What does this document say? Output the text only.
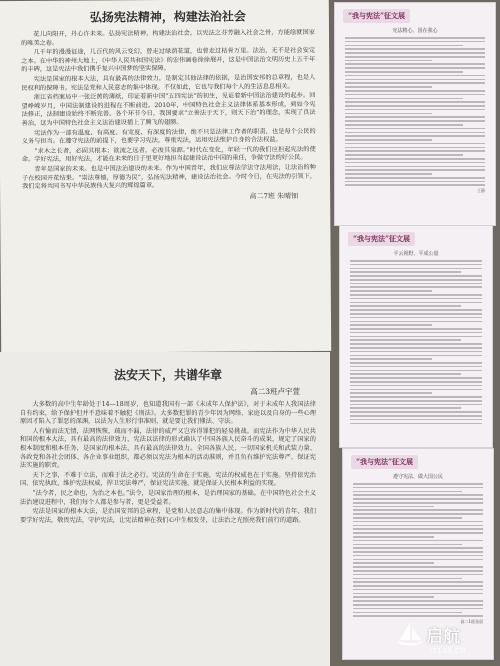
弘扬宪法精神，构建法治社会

花儿向阳开，丹心许未来。弘扬宪法精神，构建法治社会。以宪法之芬芳融入社会之骨，方能绘就国家的唯美之卷。

几千年的漫漫征途，几百代的风云变幻，曾走过绿荫花道，也曾走过枯骨万里。法治，无不是社会安定之本。在中华的神州大地上，《中华人民共和国宪法》的宏伟画卷徐徐展开，这是中国法治文明历史上五千年的丰碑，这是宪法中我们携手复兴中国梦的坚实保障。

宪法是国家的根本大法，具有最高的法律效力，是制定其他法律的依据，是治国安邦的总章程，也是人民权利的保障书。宪法是党和人民意志的集中体现。不仅如此，它也与我们每个人的生活息息相关。

浙江省档案局中一张泛黄的薄纸，印证着新中国“五四宪法”的初生，见证着新中国法治建设的起步。回望峥嵘岁月，中国法制建设的进程在不断前进。2010年，中国特色社会主义法律体系基本形成，到如今宪法修正，法制建设始终不断完善。各个环节今日，我国要求“立善法于天下，则天下治”的理念，实现了良法善治，这为中国特色社会主义法治建设插上了腾飞的翅膀。

宪法作为一部有温度、有高度、有宽度、有深度的法律，绝不只是法律工作者的职责，也是每个公民的义务与担当。在遵守宪法的前提下，也要学习宪法，尊重宪法，运用宪法维护自身的合法权益。

“求木之长者，必固其根本；欲流之远者，必浚其泉源。”时代在变化，年轻一代的我们应担起宪法的使命。学好宪法，用好宪法，才能在未来的日子里更好地担当起建设法治中国的重任，争做守法的好公民。

青年是国家的未来。也是中国法治建设的未来。作为中国青年，我们应尊法学法守法用法，让法治的种子在校园开花结果。“崇法尊德，厚德为民”，弘扬宪法精神，建设法治社会。今时今日，在宪法的引领下，我们定将共同书写中华民族伟大复兴的辉煌篇章。

高二7班 朱晴钿

法安天下，共谱华章
高二3班卢宇萱

大多数的高中生年龄处于14—18周岁，也知道我国有一部《未成年人保护法》，对于未成年人我国法律自有约束，给予保护但并不意味着不触犯《刑法》。大多数犯罪的青少年因为网络、家庭以及自身的一些心理原因才陷入了罪恶的深渊，以法为人生形行事准则，就是要让我们懂法、守法。

人有愉而法无情，法网恢恢，疏而不漏，法律的威严又岂容得罪犯的轻易挑战。而宪法作为中华人民共和国的根本大法，具有最高的法律效力，宪法以法律的形式确认了中国各族人民奋斗的成果，规定了国家的根本制度和根本任务，是国家的根本法，具有最高的法律效力。全国各族人民、一切国家机关和武装力量、各政党和各社会团体、各企业事业组织，都必须以宪法为根本的活动准则，并且负有维护宪法尊严、保证宪法实施的职责。

天下之事，不难于立法，而难于法之必行。宪法的生命在于实施，宪法的权威也在于实施。坚持依宪治国、依宪执政，维护宪法权威，捍卫宪法尊严，保证宪法实施，就是保证人民根本利益的实现。

“法令者，民之命也，为治之本也。”法令，是国家治理的根本，是治理国家的基础。在中国特色社会主义法治建设进程中，我们每个人都是参与者，更是受益者。

宪法是国家的根本大法，是治国安邦的总章程，是党和人民意志的集中体现。作为新时代的青年，我们要学好宪法，敬畏宪法，守护宪法，让宪法精神在我们心中生根发芽，让法治之光照亮我们前行的道路。

“我与宪法”征文展
宪法精心、国在我心
王静
“我与宪法”征文展
平云视野、平成公量
“我与宪法”征文展
遵守宪法、做大国公民
高二1班张晨
启航
IT134.CN
